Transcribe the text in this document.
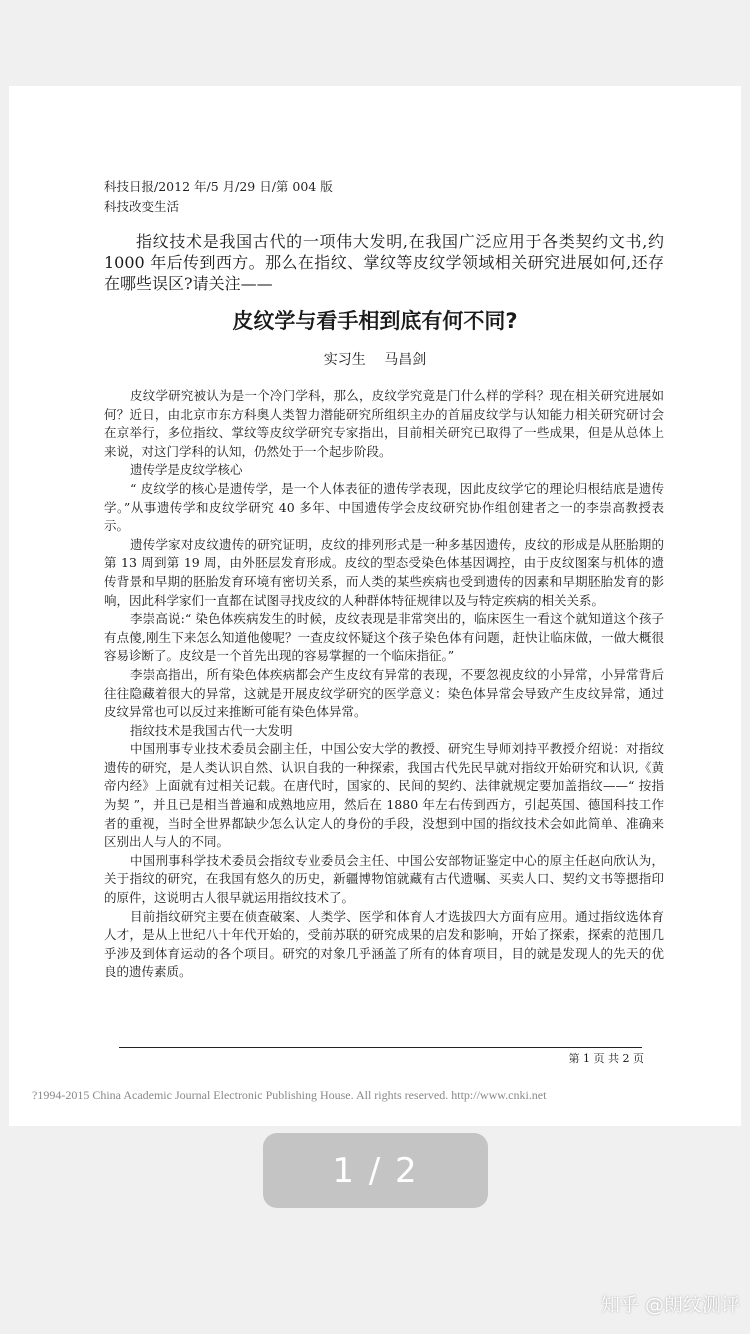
科技日报/2012 年/5 月/29 日/第 004 版
科技改变生活
指纹技术是我国古代的一项伟大发明,在我国广泛应用于各类契约文书,约 1000 年后传到西方。那么在指纹、掌纹等皮纹学领域相关研究进展如何,还存在哪些误区?请关注——
皮纹学与看手相到底有何不同?
实习生 马昌剑

皮纹学研究被认为是一个冷门学科，那么，皮纹学究竟是门什么样的学科？现在相关研究进展如何？近日，由北京市东方科奥人类智力潜能研究所组织主办的首届皮纹学与认知能力相关研究研讨会在京举行，多位指纹、掌纹等皮纹学研究专家指出，目前相关研究已取得了一些成果，但是从总体上来说，对这门学科的认知，仍然处于一个起步阶段。

遗传学是皮纹学核心

“ 皮纹学的核心是遗传学，是一个人体表征的遗传学表现，因此皮纹学它的理论归根结底是遗传学。”从事遗传学和皮纹学研究 40 多年、中国遗传学会皮纹研究协作组创建者之一的李崇高教授表示。

遗传学家对皮纹遗传的研究证明，皮纹的排列形式是一种多基因遗传，皮纹的形成是从胚胎期的第 13 周到第 19 周，由外胚层发育形成。皮纹的型态受染色体基因调控，由于皮纹图案与机体的遗传背景和早期的胚胎发育环境有密切关系，而人类的某些疾病也受到遗传的因素和早期胚胎发育的影响，因此科学家们一直都在试图寻找皮纹的人种群体特征规律以及与特定疾病的相关关系。

李崇高说:“ 染色体疾病发生的时候，皮纹表现是非常突出的，临床医生一看这个就知道这个孩子有点傻,刚生下来怎么知道他傻呢？一查皮纹怀疑这个孩子染色体有问题，赶快让临床做，一做大概很容易诊断了。皮纹是一个首先出现的容易掌握的一个临床指征。”

李崇高指出，所有染色体疾病都会产生皮纹有异常的表现，不要忽视皮纹的小异常，小异常背后往往隐藏着很大的异常，这就是开展皮纹学研究的医学意义：染色体异常会导致产生皮纹异常，通过皮纹异常也可以反过来推断可能有染色体异常。

指纹技术是我国古代一大发明

中国刑事专业技术委员会副主任，中国公安大学的教授、研究生导师刘持平教授介绍说：对指纹遗传的研究，是人类认识自然、认识自我的一种探索，我国古代先民早就对指纹开始研究和认识,《黄帝内经》上面就有过相关记载。在唐代时，国家的、民间的契约、法律就规定要加盖指纹——“ 按指为契 ”，并且已是相当普遍和成熟地应用，然后在 1880 年左右传到西方，引起英国、德国科技工作者的重视，当时全世界都缺少怎么认定人的身份的手段，没想到中国的指纹技术会如此简单、准确来区别出人与人的不同。

中国刑事科学技术委员会指纹专业委员会主任、中国公安部物证鉴定中心的原主任赵向欣认为，关于指纹的研究，在我国有悠久的历史，新疆博物馆就藏有古代遗嘱、买卖人口、契约文书等摁指印的原件，这说明古人很早就运用指纹技术了。

目前指纹研究主要在侦查破案、人类学、医学和体育人才选拔四大方面有应用。通过指纹选体育人才，是从上世纪八十年代开始的，受前苏联的研究成果的启发和影响，开始了探索，探索的范围几乎涉及到体育运动的各个项目。研究的对象几乎涵盖了所有的体育项目，目的就是发现人的先天的优良的遗传素质。

第 1 页 共 2 页
?1994-2015 China Academic Journal Electronic Publishing House. All rights reserved. http://www.cnki.net
1 / 2
知乎 @朗纹测评
